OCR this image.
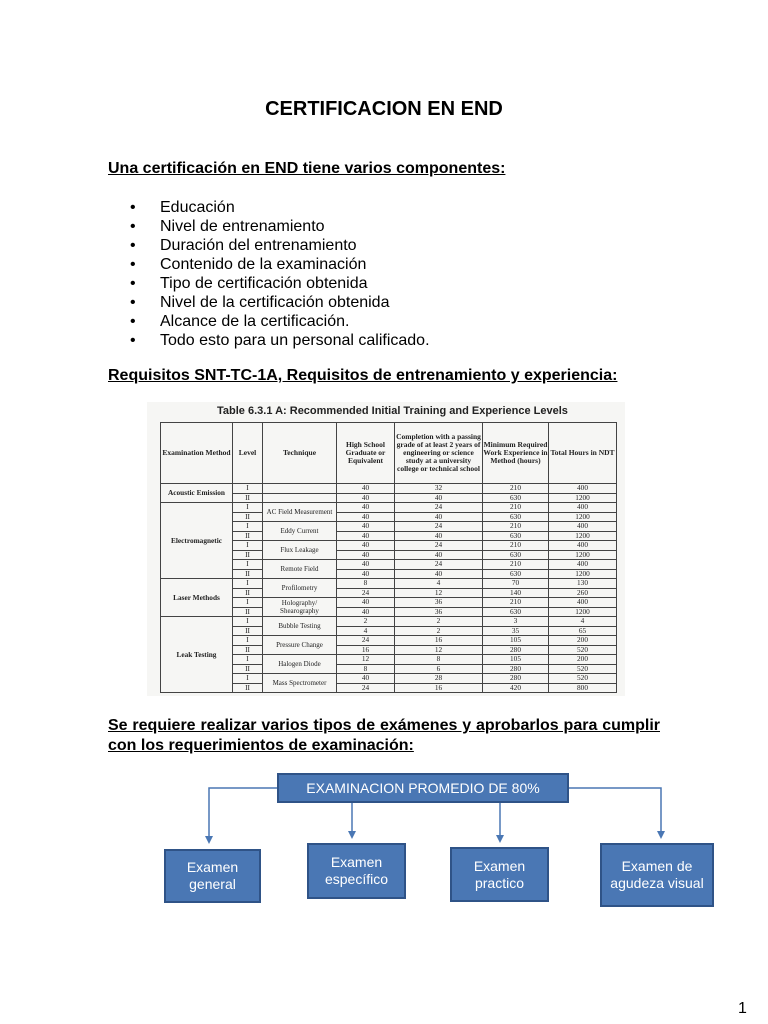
CERTIFICACION EN END
Una certificación en END tiene varios componentes:
• Educación
• Nivel de entrenamiento
• Duración del entrenamiento
• Contenido de la examinación
• Tipo de certificación obtenida
• Nivel de la certificación obtenida
• Alcance de la certificación.
• Todo esto para un personal calificado.
Requisitos SNT-TC-1A, Requisitos de entrenamiento y experiencia:
Table 6.3.1 A: Recommended Initial Training and Experience Levels
Examination Method	Level	Technique	High School Graduate or Equivalent	Completion with a passing grade of at least 2 years of engineering or science study at a university college or technical school	Minimum Required Work Experience in Method (hours)	Total Hours in NDT
Acoustic Emission	I		40	32	210	400
	II		40	40	630	1200
Electromagnetic	I	AC Field Measurement	40	24	210	400
	II		40	40	630	1200
	I	Eddy Current	40	24	210	400
	II		40	40	630	1200
	I	Flux Leakage	40	24	210	400
	II		40	40	630	1200
	I	Remote Field	40	24	210	400
	II		40	40	630	1200
Laser Methods	I	Profilometry	8	4	70	130
	II		24	12	140	260
	I	Holography/ Shearography	40	36	210	400
	II		40	36	630	1200
Leak Testing	I	Bubble Testing	2	2	3	4
	II		4	2	35	65
	I	Pressure Change	24	16	105	200
	II		16	12	280	520
	I	Halogen Diode	12	8	105	200
	II		8	6	280	520
	I	Mass Spectrometer	40	28	280	520
	II		24	16	420	800
Se requiere realizar varios tipos de exámenes y aprobarlos para cumplir con los requerimientos de examinación:
EXAMINACION PROMEDIO DE 80%
Examen general
Examen específico
Examen practico
Examen de agudeza visual
1
